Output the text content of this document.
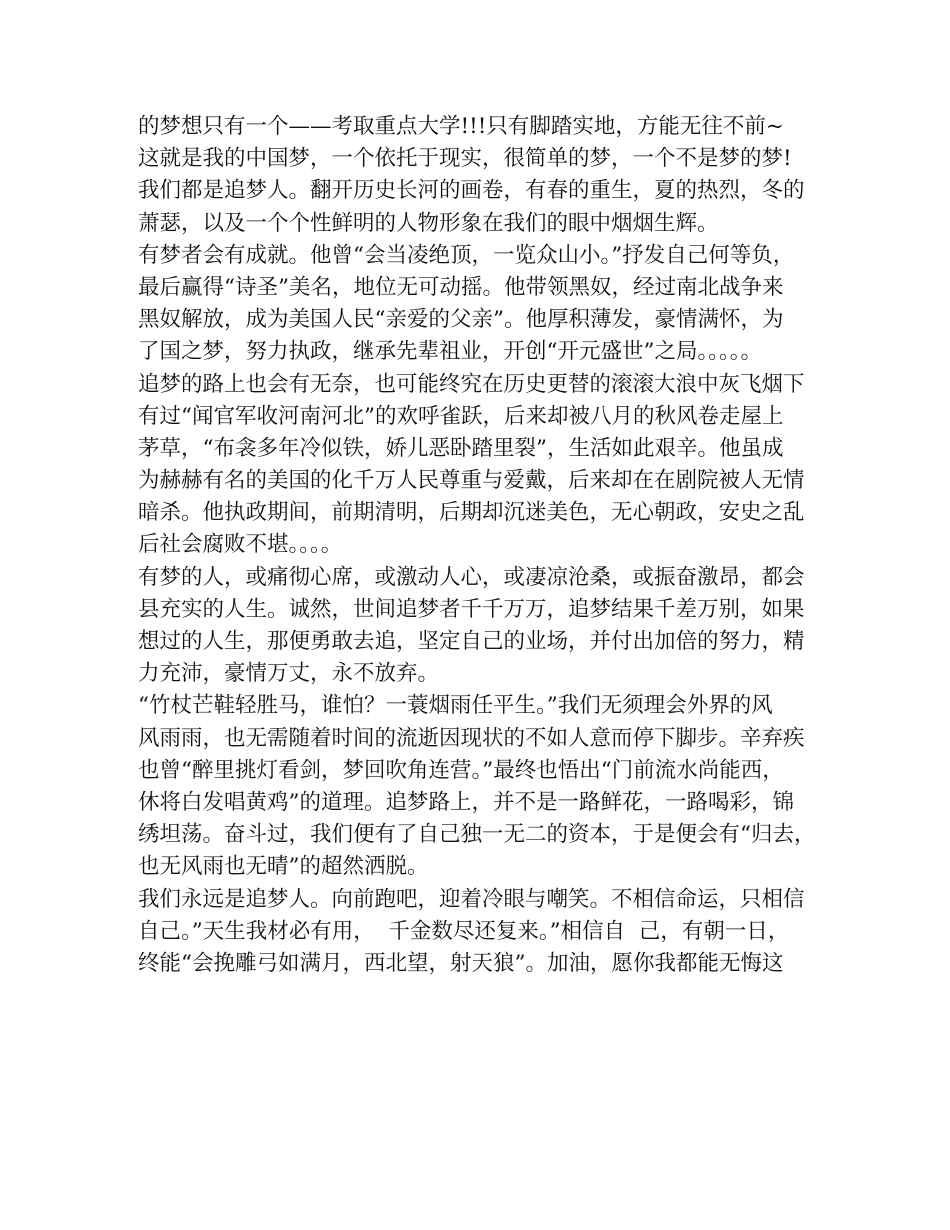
的梦想只有一个——考取重点大学!!!只有脚踏实地，方能无往不前~
这就是我的中国梦，一个依托于现实，很简单的梦，一个不是梦的梦!
我们都是追梦人。翻开历史长河的画卷，有春的重生，夏的热烈，冬的
萧瑟，以及一个个性鲜明的人物形象在我们的眼中烟烟生辉。
有梦者会有成就。他曾“会当凌绝顶，一览众山小。”抒发自己何等负，
最后赢得“诗圣”美名，地位无可动摇。他带领黑奴，经过南北战争来
黑奴解放，成为美国人民“亲爱的父亲”。他厚积薄发，豪情满怀，为
了国之梦，努力执政，继承先辈祖业，开创“开元盛世”之局。。。。。
追梦的路上也会有无奈，也可能终究在历史更替的滚滚大浪中灰飞烟下
有过“闻官军收河南河北”的欢呼雀跃，后来却被八月的秋风卷走屋上
茅草，“布衾多年冷似铁，娇儿恶卧踏里裂”，生活如此艰辛。他虽成
为赫赫有名的美国的化千万人民尊重与爱戴，后来却在在剧院被人无情
暗杀。他执政期间，前期清明，后期却沉迷美色，无心朝政，安史之乱
后社会腐败不堪。。。。
有梦的人，或痛彻心席，或激动人心，或凄凉沧桑，或振奋激昂，都会
县充实的人生。诚然，世间追梦者千千万万，追梦结果千差万别，如果
想过的人生，那便勇敢去追，坚定自己的业场，并付出加倍的努力，精
力充沛，豪情万丈，永不放弃。
“竹杖芒鞋轻胜马，谁怕？一蓑烟雨任平生。”我们无须理会外界的风
风雨雨，也无需随着时间的流逝因现状的不如人意而停下脚步。辛弃疾
也曾“醉里挑灯看剑，梦回吹角连营。”最终也悟出“门前流水尚能西，
休将白发唱黄鸡”的道理。追梦路上，并不是一路鲜花，一路喝彩，锦
绣坦荡。奋斗过，我们便有了自己独一无二的资本，于是便会有“归去，
也无风雨也无晴”的超然洒脱。
我们永远是追梦人。向前跑吧，迎着冷眼与嘲笑。不相信命运，只相信
自己。”天生我材必有用，  千金数尽还复来。”相信自  己，有朝一日，
终能“会挽雕弓如满月，西北望，射天狼”。加油，愿你我都能无悔这
